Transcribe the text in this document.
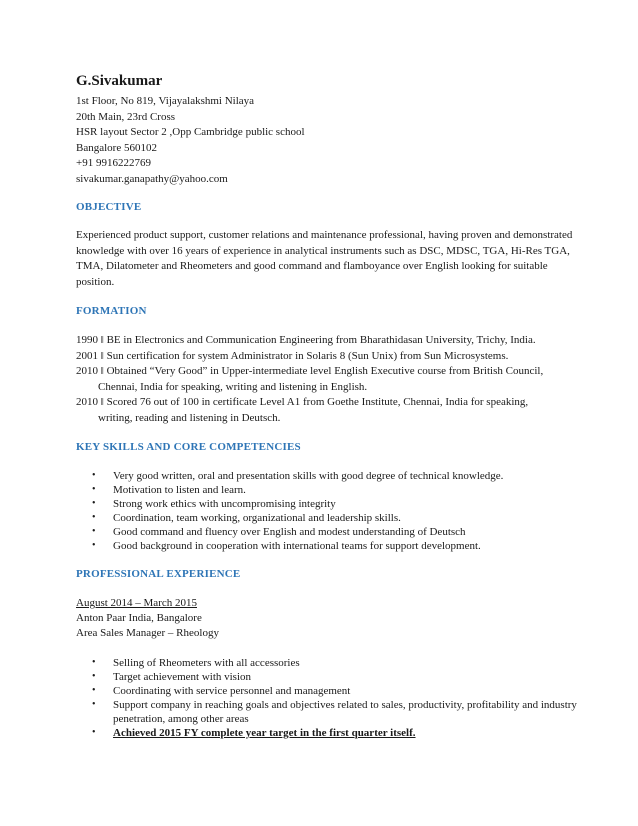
G.Sivakumar
1st Floor, No 819, Vijayalakshmi Nilaya
20th Main, 23rd Cross
HSR layout Sector 2 ,Opp Cambridge public school
Bangalore 560102
+91 9916222769
sivakumar.ganapathy@yahoo.com
OBJECTIVE
Experienced product support, customer relations and maintenance professional, having proven and demonstrated knowledge with over 16 years of experience in analytical instruments such as DSC, MDSC, TGA, Hi-Res TGA, TMA, Dilatometer and Rheometers and good command and flamboyance over English looking for suitable position.
FORMATION
1990 ǁ BE in Electronics and Communication Engineering from Bharathidasan University, Trichy, India.
2001 ǁ Sun certification for system Administrator in Solaris 8 (Sun Unix) from Sun Microsystems.
2010 ǁ Obtained “Very Good” in Upper-intermediate level English Executive course from British Council,
Chennai, India for speaking, writing and listening in English.
2010 ǁ Scored 76 out of 100 in certificate Level A1 from Goethe Institute, Chennai, India for speaking,
writing, reading and listening in Deutsch.
KEY SKILLS AND CORE COMPETENCIES
•	Very good written, oral and presentation skills with good degree of technical knowledge.
•	Motivation to listen and learn.
•	Strong work ethics with uncompromising integrity
•	Coordination, team working, organizational and leadership skills.
•	Good command and fluency over English and modest understanding of Deutsch
•	Good background in cooperation with international teams for support development.
PROFESSIONAL EXPERIENCE
August 2014 – March 2015
Anton Paar India, Bangalore
Area Sales Manager – Rheology
•	Selling of Rheometers with all accessories
•	Target achievement with vision
•	Coordinating with service personnel and management
•	Support company in reaching goals and objectives related to sales, productivity, profitability and industry penetration, among other areas
•	Achieved 2015 FY complete year target in the first quarter itself.
